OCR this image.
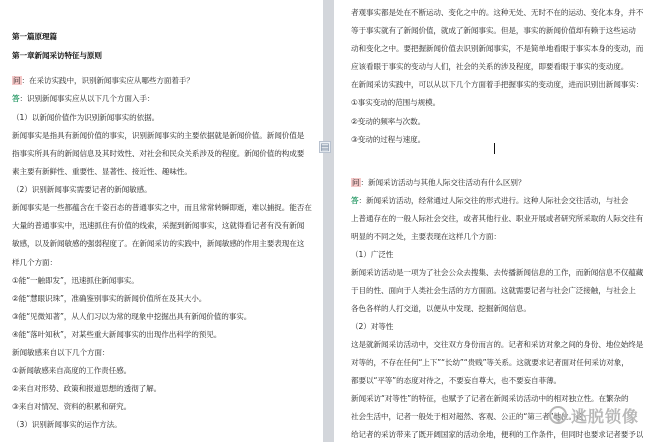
第一篇原理篇
第一章新闻采访特征与原则
问：在采访实践中，识别新闻事实应从哪些方面着手？
答：识别新闻事实应从以下几个方面入手：
（1）以新闻价值作为识别新闻事实的依据。
新闻事实是指具有新闻价值的事实，识别新闻事实的主要依据就是新闻价值。新闻价值是
指事实所具有的新闻信息及其时效性、对社会和民众关系涉及的程度。新闻价值的构成要
素主要有新鲜性、重要性、显著性、接近性、趣味性。
（2）识别新闻事实需要记者的新闻敏感。
新闻事实是一些都蕴含在千姿百态的普通事实之中，而且常常转瞬即逝，难以捕捉。能否在
大量的普通事实中，迅速抓住有价值的线索，采掘到新闻事实，这就得看记者有没有新闻
敏感，以及新闻敏感的强弱程度了。在新闻采访的实践中，新闻敏感的作用主要表现在这
样几个方面：
①能“一触即发”，迅速抓住新闻事实。
②能“慧眼识珠”，准确鉴别事实的新闻价值所在及其大小。
③能“见微知著”，从人们习以为常的现象中挖掘出具有新闻价值的事实。
④能“落叶知秋”，对某些重大新闻事实的出现作出科学的预见。
新闻敏感来自以下几个方面：
①新闻敏感来自高度的工作责任感。
②来自对形势、政策和报道思想的透彻了解。
③来自对情况、资料的积累和研究。
（3）识别新闻事实的运作方法。
▤
者观事实都是处在不断运动、变化之中的。这种无处、无时不在的运动、变化本身，并不
等于事实就有了新闻价值，就成了新闻事实。但是，事实的新闻价值却有赖于这些运动
动和变化之中。要把握新闻价值去识别新闻事实，不是简单地看眼于事实本身的变动，而
应该看眼于事实的变动与人们，社会的关系的涉及程度，即要看眼于事实的变动度。
在新闻采访实践中，可以从以下几个方面着手把握事实的变动度，进而识别出新闻事实：
①事实变动的范围与规模。
②变动的频率与次数。
③变动的过程与速度。
问：新闻采访活动与其他人际交往活动有什么区别？
答：新闻采访活动，经常通过人际交往的形式进行。这种人际社会交往活动，与社会
上普通存在的一般人际社会交往，或者其他行业、职业开展或者研究所采取的人际交往有
明显的不同之处，主要表现在这样几个方面：
（1）广泛性
新闻采访活动是一项为了社会公众去搜集、去传播新闻信息的工作，而新闻信息不仅蕴藏
于目的性、面向于人类社会生活的方方面面。这就需要记者与社会广泛接触，与社会上
各色各样的人打交道，以便从中发现、挖掘新闻信息。
（2）对等性
这是就新闻采访活动中，交往双方身份而言的。记者和采访对象之间的身份、地位始终是
对等的，不存在任何“上下”“长幼”“贵贱”等关系。这就要求记者面对任何采访对象，
都要以“平等”的态度对待之，不要妄自尊大，也不要妄自菲薄。
新闻采访“对等性”的特征，也赋予了记者在新闻采访活动中的相对独立性。在繁杂的
社会生活中，记者一般处于相对超然、客观、公正的“第三者”地位。这一
给记者的采访带来了既开阔国家的活动余地，便利的工作条件，但同时也要求记者要予以
逃脱锁像
